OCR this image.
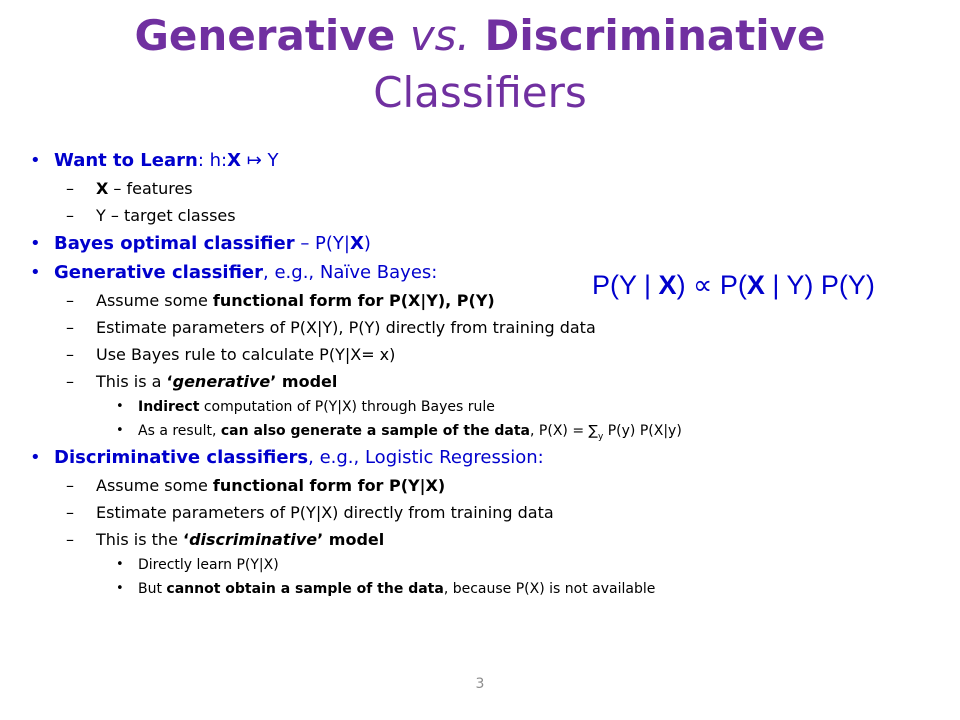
Generative vs. Discriminative
Classifiers
• Want to Learn: h:X ↦ Y
– X – features
– Y – target classes
• Bayes optimal classifier – P(Y|X)
• Generative classifier, e.g., Naïve Bayes:
– Assume some functional form for P(X|Y), P(Y)
– Estimate parameters of P(X|Y), P(Y) directly from training data
– Use Bayes rule to calculate P(Y|X= x)
– This is a ‘generative’ model
• Indirect computation of P(Y|X) through Bayes rule
• As a result, can also generate a sample of the data, $P(X) = \sum_y$ P(y) P(X|y)
• Discriminative classifiers, e.g., Logistic Regression:
– Assume some functional form for P(Y|X)
– Estimate parameters of P(Y|X) directly from training data
– This is the ‘discriminative’ model
• Directly learn P(Y|X)
• But cannot obtain a sample of the data, because P(X) is not available
P(Y | X) ∝ P(X | Y) P(Y)
3
